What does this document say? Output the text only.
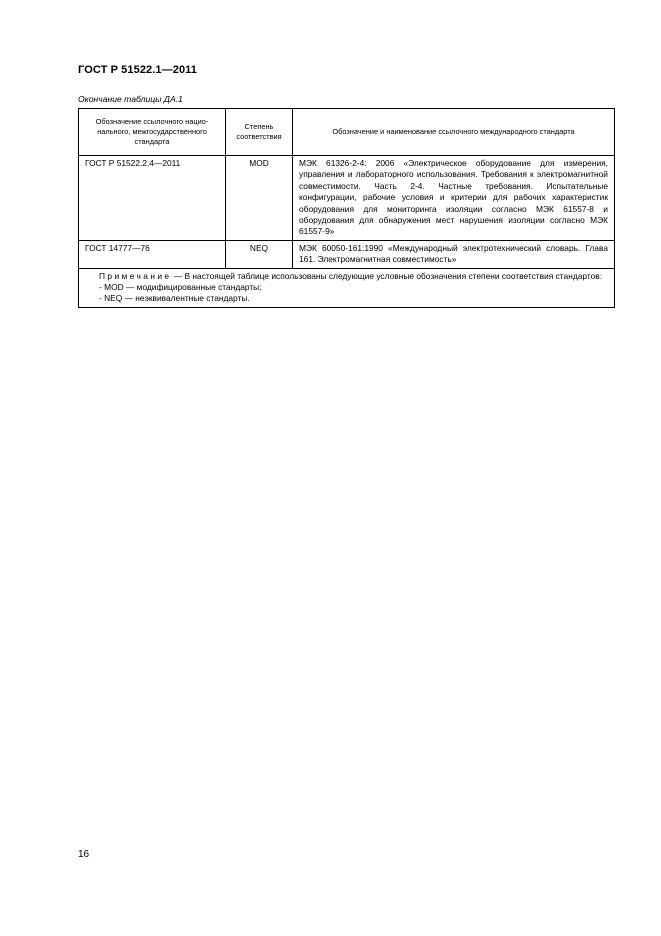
ГОСТ Р 51522.1—2011
Окончание таблицы ДА.1
Обозначение ссылочного нацио-нального, межгосударственного стандарта	Степень соответствия	Обозначение и наименование ссылочного международного стандарта
ГОСТ Р 51522.2.4—2011	MOD	МЭК 61326-2-4: 2006 «Электрическое оборудование для измерения, управления и лабораторного использования. Требования к электромагнитной совместимости. Часть 2-4. Частные требования. Испытательные конфигурации, рабочие условия и критерии для рабочих характеристик оборудования для мониторинга изоляции согласно МЭК 61557-8 и оборудования для обнаружения мест нарушения изоляции согласно МЭК 61557-9»
ГОСТ 14777—76	NEQ	МЭК 60050-161:1990 «Международный электротехнический словарь. Глава 161. Электромагнитная совместимость»

Примечание — В настоящей таблице использованы следующие условные обозначения степени соответствия стандартов:
- MOD — модифицированные стандарты;
- NEQ — неэквивалентные стандарты.		
16
